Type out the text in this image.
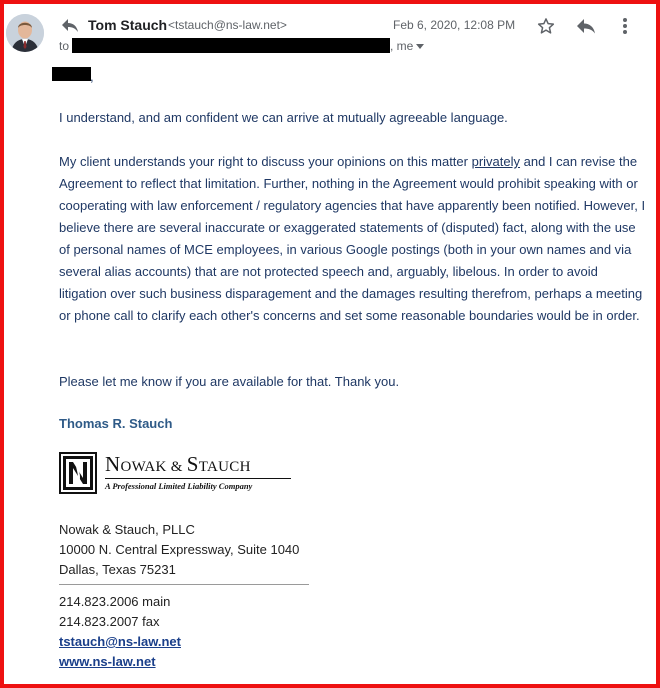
Tom Stauch <tstauch@ns-law.net>	Feb 6, 2020, 12:08 PM
to	, me
,
I understand, and am confident we can arrive at mutually agreeable language.
My client understands your right to discuss your opinions on this matter privately and I can revise the Agreement to reflect that limitation. Further, nothing in the Agreement would prohibit speaking with or cooperating with law enforcement / regulatory agencies that have apparently been notified. However, I believe there are several inaccurate or exaggerated statements of (disputed) fact, along with the use of personal names of MCE employees, in various Google postings (both in your own names and via several alias accounts) that are not protected speech and, arguably, libelous. In order to avoid litigation over such business disparagement and the damages resulting therefrom, perhaps a meeting or phone call to clarify each other's concerns and set some reasonable boundaries would be in order.
Please let me know if you are available for that. Thank you.
Thomas R. Stauch
NOWAK & STAUCH
A Professional Limited Liability Company
Nowak & Stauch, PLLC
10000 N. Central Expressway, Suite 1040
Dallas, Texas 75231
214.823.2006 main
214.823.2007 fax
tstauch@ns-law.net
www.ns-law.net
